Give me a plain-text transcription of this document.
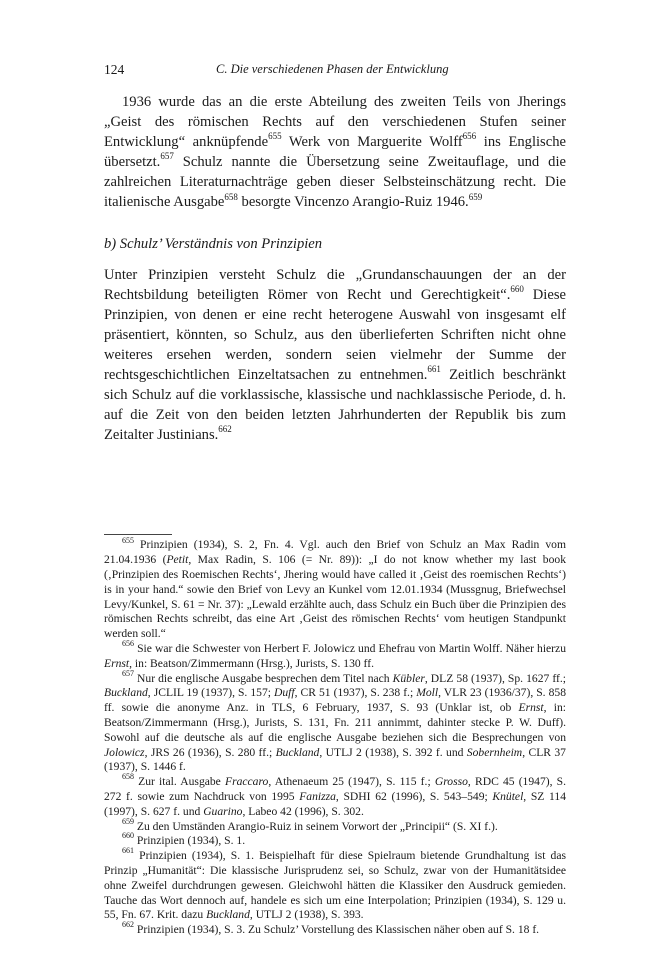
124	C. Die verschiedenen Phasen der Entwicklung

1936 wurde das an die erste Abteilung des zweiten Teils von Jherings „Geist des römischen Rechts auf den verschiedenen Stufen seiner Entwicklung“ anknüpfende$^{655}$ Werk von Marguerite Wolff$^{656}$ ins Englische übersetzt.$^{657}$ Schulz nannte die Übersetzung seine Zweitauflage, und die zahlreichen Literaturnachträge geben dieser Selbsteinschätzung recht. Die italienische Ausgabe$^{658}$ besorgte Vincenzo Arangio-Ruiz 1946.$^{659}$

b) Schulz’ Verständnis von Prinzipien

Unter Prinzipien versteht Schulz die „Grundanschauungen der an der Rechtsbildung beteiligten Römer von Recht und Gerechtigkeit“.$^{660}$ Diese Prinzipien, von denen er eine recht heterogene Auswahl von insgesamt elf präsentiert, könnten, so Schulz, aus den überlieferten Schriften nicht ohne weiteres ersehen werden, sondern seien vielmehr der Summe der rechtsgeschichtlichen Einzeltatsachen zu entnehmen.$^{661}$ Zeitlich beschränkt sich Schulz auf die vorklassische, klassische und nachklassische Periode, d. h. auf die Zeit von den beiden letzten Jahrhunderten der Republik bis zum Zeitalter Justinians.$^{662}$

$^{655}$ Prinzipien (1934), S. 2, Fn. 4. Vgl. auch den Brief von Schulz an Max Radin vom 21.04.1936 (Petit, Max Radin, S. 106 (= Nr. 89)): „I do not know whether my last book (‚Prinzipien des Roemischen Rechts‘, Jhering would have called it ‚Geist des roemischen Rechts‘) is in your hand.“ sowie den Brief von Levy an Kunkel vom 12.01.1934 (Mussgnug, Briefwechsel Levy/Kunkel, S. 61 = Nr. 37): „Lewald erzählte auch, dass Schulz ein Buch über die Prinzipien des römischen Rechts schreibt, das eine Art ‚Geist des römischen Rechts‘ vom heutigen Standpunkt werden soll.“

$^{656}$ Sie war die Schwester von Herbert F. Jolowicz und Ehefrau von Martin Wolff. Näher hierzu Ernst, in: Beatson/Zimmermann (Hrsg.), Jurists, S. 130 ff.

$^{657}$ Nur die englische Ausgabe besprechen dem Titel nach Kübler, DLZ 58 (1937), Sp. 1627 ff.; Buckland, JCLIL 19 (1937), S. 157; Duff, CR 51 (1937), S. 238 f.; Moll, VLR 23 (1936/37), S. 858 ff. sowie die anonyme Anz. in TLS, 6 February, 1937, S. 93 (Unklar ist, ob Ernst, in: Beatson/Zimmermann (Hrsg.), Jurists, S. 131, Fn. 211 annimmt, dahinter stecke P. W. Duff). Sowohl auf die deutsche als auf die englische Ausgabe beziehen sich die Besprechungen von Jolowicz, JRS 26 (1936), S. 280 ff.; Buckland, UTLJ 2 (1938), S. 392 f. und Sobernheim, CLR 37 (1937), S. 1446 f.

$^{658}$ Zur ital. Ausgabe Fraccaro, Athenaeum 25 (1947), S. 115 f.; Grosso, RDC 45 (1947), S. 272 f. sowie zum Nachdruck von 1995 Fanizza, SDHI 62 (1996), S. 543–549; Knütel, SZ 114 (1997), S. 627 f. und Guarino, Labeo 42 (1996), S. 302.

$^{659}$ Zu den Umständen Arangio-Ruiz in seinem Vorwort der „Principii“ (S. XI f.).

$^{660}$ Prinzipien (1934), S. 1.

$^{661}$ Prinzipien (1934), S. 1. Beispielhaft für diese Spielraum bietende Grundhaltung ist das Prinzip „Humanität“: Die klassische Jurisprudenz sei, so Schulz, zwar von der Humanitätsidee ohne Zweifel durchdrungen gewesen. Gleichwohl hätten die Klassiker den Ausdruck gemieden. Tauche das Wort dennoch auf, handele es sich um eine Interpolation; Prinzipien (1934), S. 129 u. 55, Fn. 67. Krit. dazu Buckland, UTLJ 2 (1938), S. 393.

$^{662}$ Prinzipien (1934), S. 3. Zu Schulz’ Vorstellung des Klassischen näher oben auf S. 18 f.
